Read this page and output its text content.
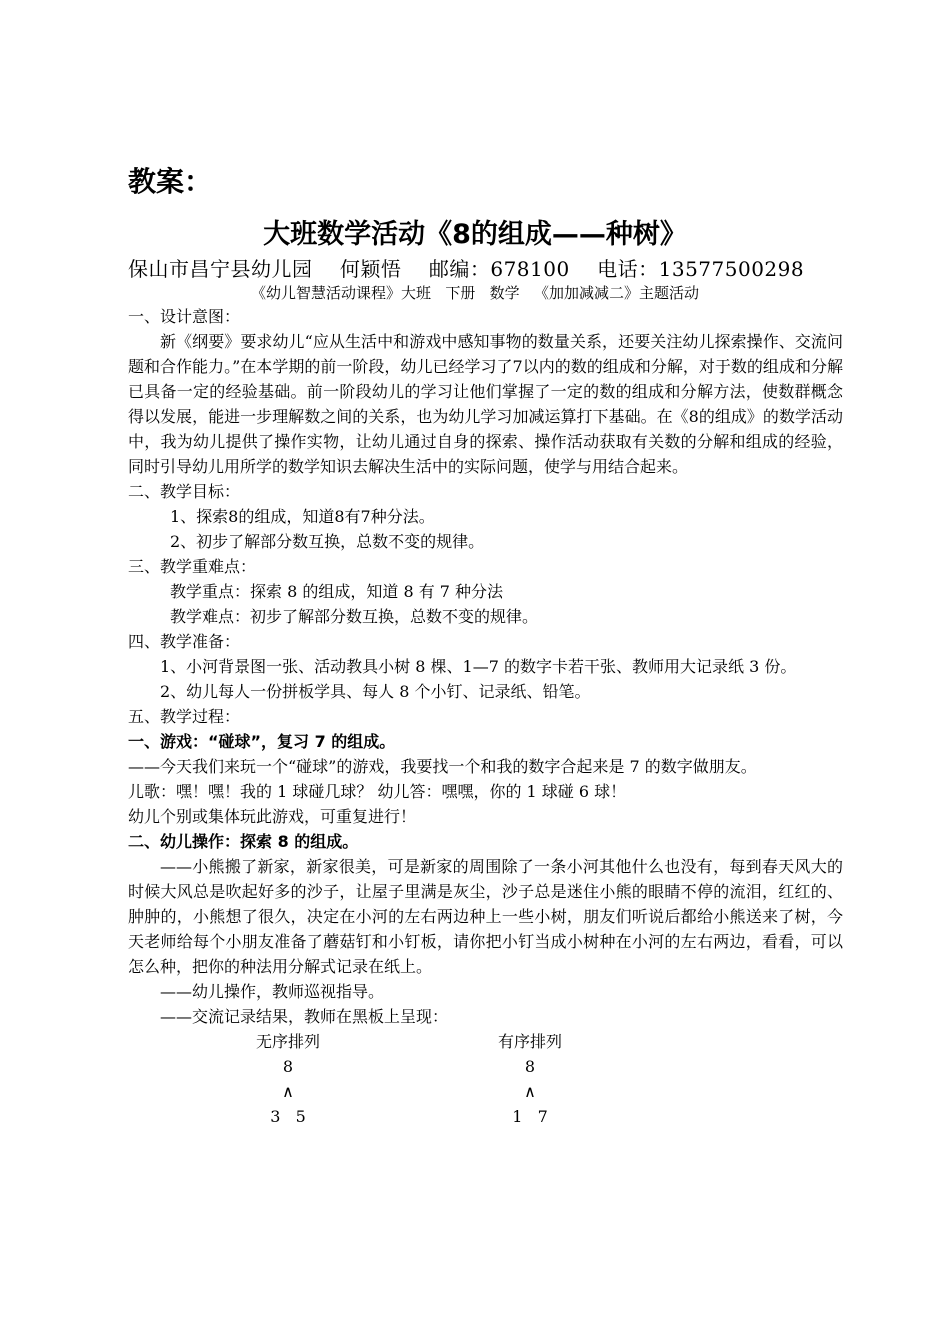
教案：
大班数学活动《8的组成——种树》
保山市昌宁县幼儿园    何颖悟    邮编：678100    电话：13577500298
《幼儿智慧活动课程》大班   下册   数学   《加加减减二》主题活动

一、设计意图：

新《纲要》要求幼儿“应从生活中和游戏中感知事物的数量关系，还要关注幼儿探索操作、交流问题和合作能力。”在本学期的前一阶段，幼儿已经学习了7以内的数的组成和分解，对于数的组成和分解已具备一定的经验基础。前一阶段幼儿的学习让他们掌握了一定的数的组成和分解方法，使数群概念得以发展，能进一步理解数之间的关系，也为幼儿学习加减运算打下基础。在《8的组成》的数学活动中，我为幼儿提供了操作实物，让幼儿通过自身的探索、操作活动获取有关数的分解和组成的经验，同时引导幼儿用所学的数学知识去解决生活中的实际问题，使学与用结合起来。

二、教学目标：

1、探索8的组成，知道8有7种分法。

2、初步了解部分数互换，总数不变的规律。

三、教学重难点：

教学重点：探索 8 的组成，知道 8 有 7 种分法

教学难点：初步了解部分数互换，总数不变的规律。

四、教学准备：

1、小河背景图一张、活动教具小树 8 棵、1—7 的数字卡若干张、教师用大记录纸 3 份。

2、幼儿每人一份拼板学具、每人 8 个小钉、记录纸、铅笔。

五、教学过程：

一、游戏：“碰球”，复习 7 的组成。

——今天我们来玩一个“碰球”的游戏，我要找一个和我的数字合起来是 7 的数字做朋友。

儿歌：嘿！嘿！我的 1 球碰几球？ 幼儿答：嘿嘿，你的 1 球碰 6 球！

幼儿个别或集体玩此游戏，可重复进行！

二、幼儿操作：探索 8 的组成。

——小熊搬了新家，新家很美，可是新家的周围除了一条小河其他什么也没有，每到春天风大的时候大风总是吹起好多的沙子，让屋子里满是灰尘，沙子总是迷住小熊的眼睛不停的流泪，红红的、肿肿的，小熊想了很久，决定在小河的左右两边种上一些小树，朋友们听说后都给小熊送来了树，今天老师给每个小朋友准备了蘑菇钉和小钉板，请你把小钉当成小树种在小河的左右两边，看看，可以怎么种，把你的种法用分解式记录在纸上。

——幼儿操作，教师巡视指导。

——交流记录结果，教师在黑板上呈现：

无序排列
8
∧
3   5
有序排列
8
∧
1   7
